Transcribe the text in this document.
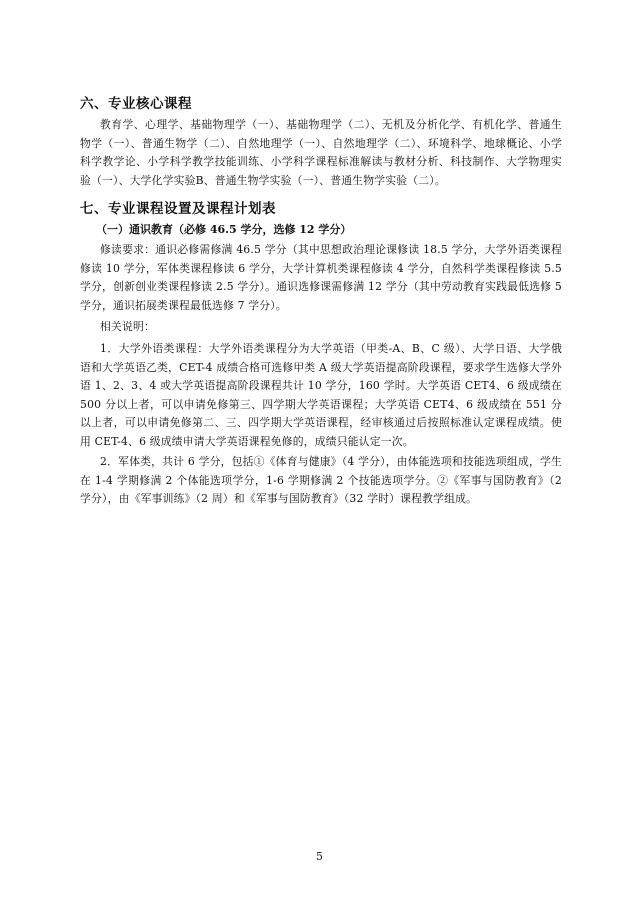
六、专业核心课程
教育学、心理学、基础物理学（一）、基础物理学（二）、无机及分析化学、有机化学、普通生物学（一）、普通生物学（二）、自然地理学（一）、自然地理学（二）、环境科学、地球概论、小学科学教学论、小学科学教学技能训练、小学科学课程标准解读与教材分析、科技制作、大学物理实验（一）、大学化学实验B、普通生物学实验（一）、普通生物学实验（二）。
七、专业课程设置及课程计划表
（一）通识教育（必修 46.5 学分，选修 12 学分）
修读要求：通识必修需修满 46.5 学分（其中思想政治理论课修读 18.5 学分，大学外语类课程修读 10 学分，军体类课程修读 6 学分，大学计算机类课程修读 4 学分，自然科学类课程修读 5.5 学分，创新创业类课程修读 2.5 学分）。通识选修课需修满 12 学分（其中劳动教育实践最低选修 5 学分，通识拓展类课程最低选修 7 学分）。
相关说明：
1．大学外语类课程：大学外语类课程分为大学英语（甲类-A、B、C 级）、大学日语、大学俄语和大学英语乙类，CET-4 成绩合格可选修甲类 A 级大学英语提高阶段课程，要求学生选修大学外语 1、2、3、4 或大学英语提高阶段课程共计 10 学分，160 学时。大学英语 CET4、6 级成绩在 500 分以上者，可以申请免修第三、四学期大学英语课程；大学英语 CET4、6 级成绩在 551 分以上者，可以申请免修第二、三、四学期大学英语课程，经审核通过后按照标准认定课程成绩。使用 CET-4、6 级成绩申请大学英语课程免修的，成绩只能认定一次。
2．军体类，共计 6 学分，包括①《体育与健康》（4 学分），由体能选项和技能选项组成，学生在 1-4 学期修满 2 个体能选项学分，1-6 学期修满 2 个技能选项学分。②《军事与国防教育》（2 学分），由《军事训练》（2 周）和《军事与国防教育》（32 学时）课程教学组成。
5
